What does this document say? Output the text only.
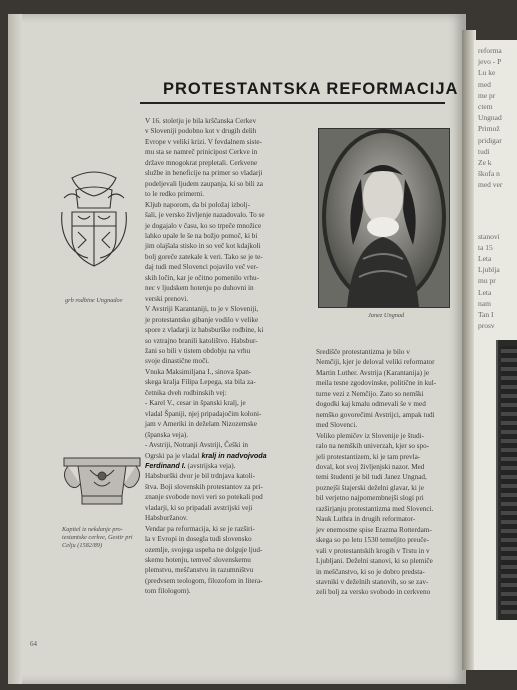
reforma
jevo - P
Lu ke
med
me pr
ctem
Ungnad
Primož
pridigar
tudi
Ze k
škofa n
med ver
stanovi
ta 15
Leta
Ljublja
mu pr
Leta
nam
Tan I
prosv
PROTESTANTSKA REFORMACIJA
grb rodbine Ungnadov
Janez Ungnad
Kapitel iz nekdanje pro-
testantske cerkve, Gestir pri
Celju (1582/89)
V 16. stoletju je bila krščanska Cerkev
v Sloveniji podobno kot v drugih delih
Evrope v veliki krizi. V fevdalnem siste-
mu sta se namreč prinicipost Cerkve in
države mnogokrat prepletali. Cerkvene
službe in beneficije na primer so vladarji
podeljevali ljudem zaupanja, ki so bili za
to le redko primerni.
Kljub naporom, da bi položaj izbolj-
šali, je versko življenje nazadovalo. To se
je dogajalo v času, ko so trpeče množice
lahko upale le še na božjo pomoč, ki bi
jim olajšala stisko in so več kot kdajkoli
bolj goreče zatekale k veri. Tako se je te-
daj tudi med Slovenci pojavilo več ver-
skih ločin, kar je očitno pomenilo vrhu-
nec v ljudskem hotenju po duhovni in
verski prenovi.
V Avstriji Karantaniji, to je v Sloveniji,
je protestantsko gibanje vodilo v velike
spore z vladarji iz habsburške rodbine, ki
so vztrajno branili katolištvo. Habsbur-
žani so bili v tistem obdobju na vrhu
svoje dinastične moči.
Vnuka Maksimiljana I., sinova špan-
skega kralja Filipa Lepega, sta bila za-
četnika dveh rodbinskih vej:
- Karel V., cesar in španski kralj, je
vladal Španiji, njej pripadajočim koloni-
jam v Ameriki in deželam Nizozemske
(španska veja).
- Avstriji, Notranji Avstriji, Češki in
Ogrski pa je vladal kralj in nadvojvoda
Ferdinand I. (avstrijska veja).
Habsburški dvor je bil trdnjava katoli-
štva. Boji slovenskih protestantov za pri-
znanje svobode novi veri so potekali pod
vladarji, ki so pripadali avstrijski veji
Habsburžanov.
Vendar pa reformacija, ki se je razširi-
la v Evropi in dosegla tudi slovensko
ozemlje, svojega uspeha ne dolguje ljud-
skemu hotenju, temveč slovenskemu
plemstvu, meščanstvu in razumništvu
(predvsem teologom, filozofom in litera-
tom filologom).
Središče protestantizma je bilo v
Nemčiji, kjer je deloval veliki reformator
Martin Luther. Avstrija (Karantanija) je
meila tesne zgodovinske, politične in kul-
turne vezi z Nemčijo. Zato so nemški
dogodki kaj kmalu odmevali še v med
nemško govorečimi Avstrijci, ampak tudi
med Slovenci.
Veliko plemičev iz Slovenije je študi-
ralo na nemških univerzah, kjer so spo-
jeli protestantizem, ki je tam prevla-
doval, kot svoj življenjski nazor. Med
temi študenti je bil tudi Janez Ungnad,
poznejši štajerski deželni glavar, ki je
bil verjetno najpomembnejši slogi pri
razširjanju protestantizma med Slovenci.
Nauk Luthra in drugih reformator-
jev enemostne spise Erazma Rotterdam-
skega so po letu 1530 temeljito preuče-
vali v protestantskih krogih v Trstu in v
Ljubljani. Deželni stanovi, ki so plemiče
in meščanstvo, ki so je dobro predsta-
stavniki v deželnih stanovih, so se zav-
zeli bolj za versko svobodo in cerkveno
64
